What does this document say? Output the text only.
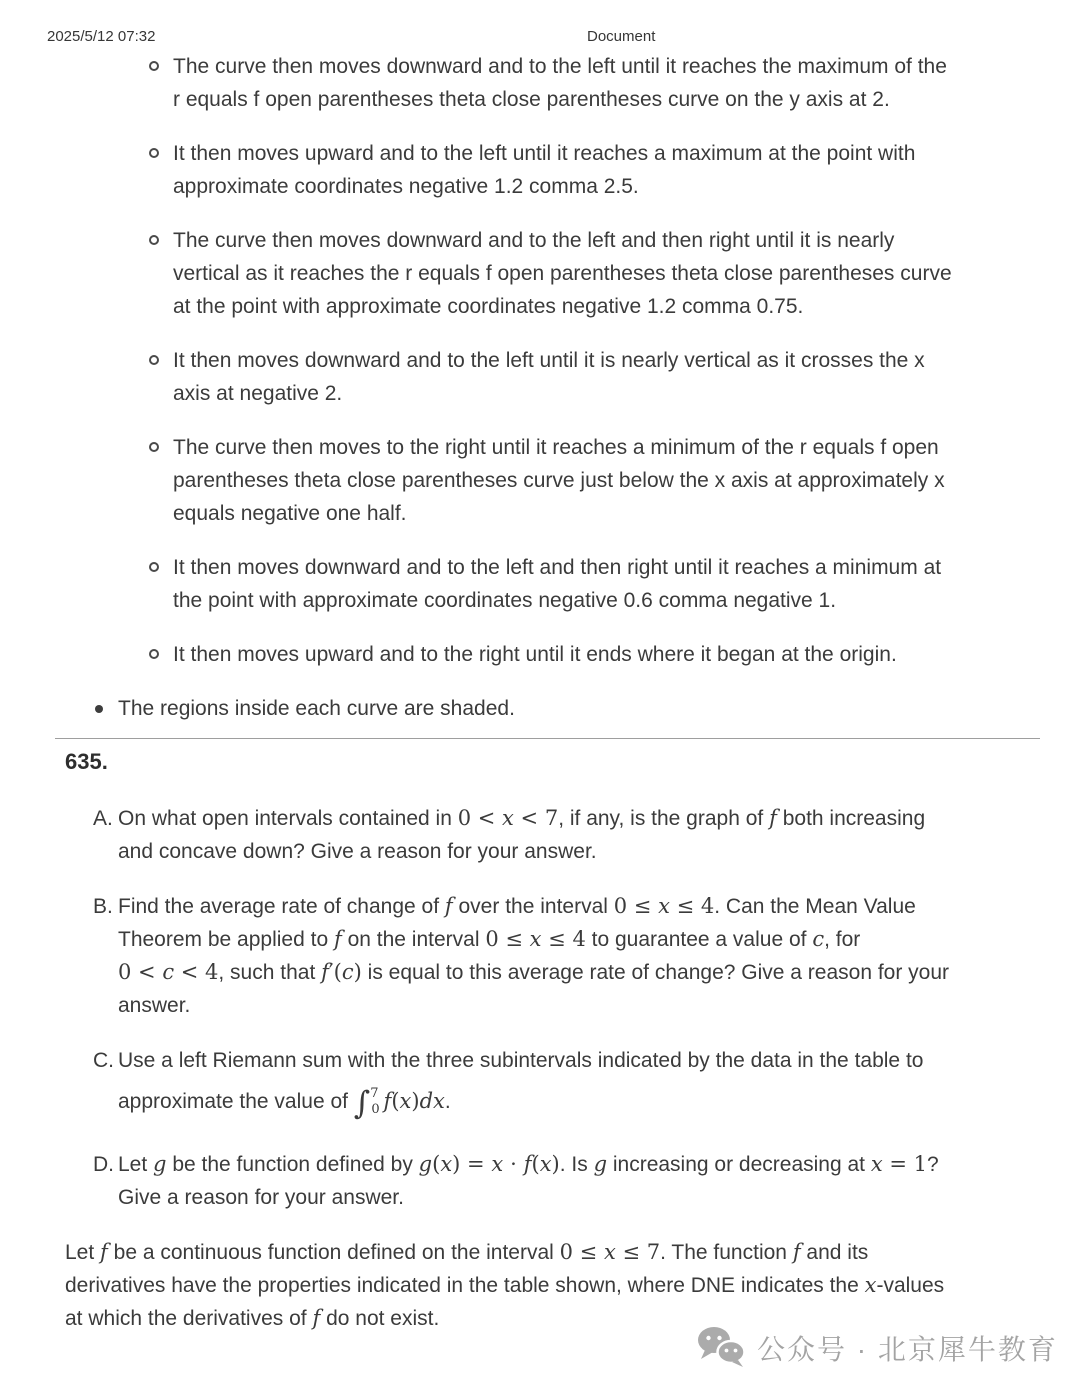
2025/5/12 07:32	Document
The curve then moves downward and to the left until it reaches the maximum of the
r equals f open parentheses theta close parentheses curve on the y axis at 2.
It then moves upward and to the left until it reaches a maximum at the point with
approximate coordinates negative 1.2 comma 2.5.
The curve then moves downward and to the left and then right until it is nearly
vertical as it reaches the r equals f open parentheses theta close parentheses curve
at the point with approximate coordinates negative 1.2 comma 0.75.
It then moves downward and to the left until it is nearly vertical as it crosses the x
axis at negative 2.
The curve then moves to the right until it reaches a minimum of the r equals f open
parentheses theta close parentheses curve just below the x axis at approximately x
equals negative one half.
It then moves downward and to the left and then right until it reaches a minimum at
the point with approximate coordinates negative 0.6 comma negative 1.
It then moves upward and to the right until it ends where it began at the origin.
The regions inside each curve are shaded.
635.
A. On what open intervals contained in 0 < x < 7, if any, is the graph of f both increasing
and concave down? Give a reason for your answer.
B. Find the average rate of change of f over the interval 0 ≤ x ≤ 4. Can the Mean Value
Theorem be applied to f on the interval 0 ≤ x ≤ 4 to guarantee a value of c, for
0 < c < 4, such that f′(c) is equal to this average rate of change? Give a reason for your
answer.
C. Use a left Riemann sum with the three subintervals indicated by the data in the table to
approximate the value of ∫$^7_0$ f(x)dx.
D. Let g be the function defined by g(x) = x ⋅ f(x). Is g increasing or decreasing at x = 1?
Give a reason for your answer.
Let f be a continuous function defined on the interval 0 ≤ x ≤ 7. The function f and its
derivatives have the properties indicated in the table shown, where DNE indicates the x-values
at which the derivatives of f do not exist.
公众号 · 北京犀牛教育
